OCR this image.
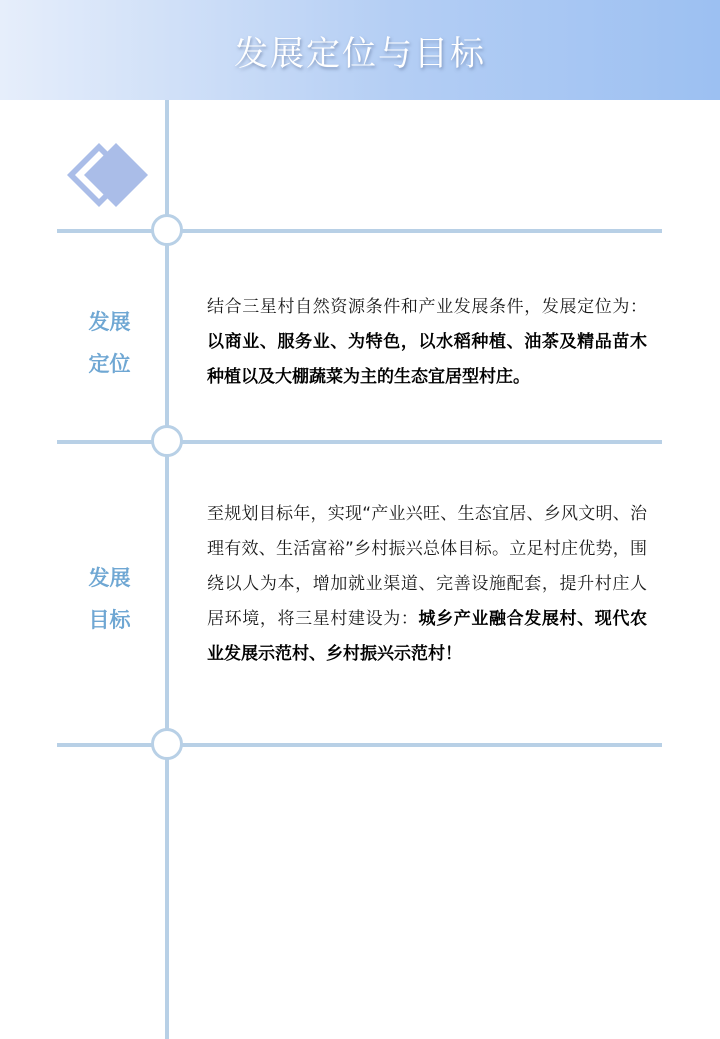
发展定位与目标
发展
定位
结合三星村自然资源条件和产业发展条件，发展定位为：以商业、服务业、为特色，以水稻种植、油茶及精品苗木种植以及大棚蔬菜为主的生态宜居型村庄。
发展
目标
至规划目标年，实现“产业兴旺、生态宜居、乡风文明、治理有效、生活富裕”乡村振兴总体目标。立足村庄优势，围绕以人为本，增加就业渠道、完善设施配套，提升村庄人居环境，将三星村建设为：城乡产业融合发展村、现代农业发展示范村、乡村振兴示范村！
